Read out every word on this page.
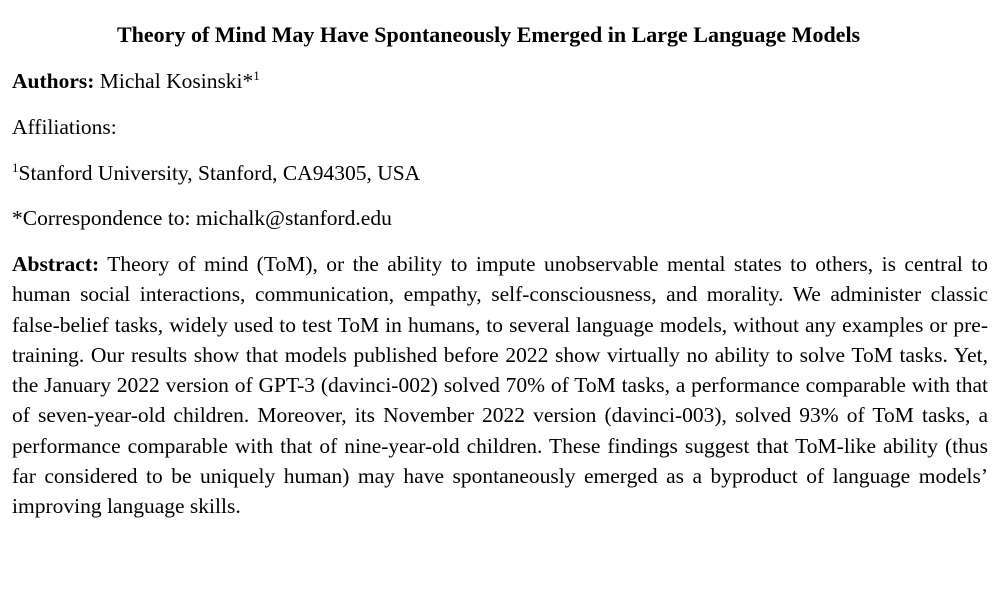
Theory of Mind May Have Spontaneously Emerged in Large Language Models

Authors: Michal Kosinski*$^1$

Affiliations:

$^1$Stanford University, Stanford, CA94305, USA

*Correspondence to: michalk@stanford.edu

Abstract: Theory of mind (ToM), or the ability to impute unobservable mental states to others, is central to human social interactions, communication, empathy, self-consciousness, and morality. We administer classic false-belief tasks, widely used to test ToM in humans, to several language models, without any examples or pre-training. Our results show that models published before 2022 show virtually no ability to solve ToM tasks. Yet, the January 2022 version of GPT-3 (davinci-002) solved 70% of ToM tasks, a performance comparable with that of seven-year-old children. Moreover, its November 2022 version (davinci-003), solved 93% of ToM tasks, a performance comparable with that of nine-year-old children. These findings suggest that ToM-like ability (thus far considered to be uniquely human) may have spontaneously emerged as a byproduct of language models’ improving language skills.
